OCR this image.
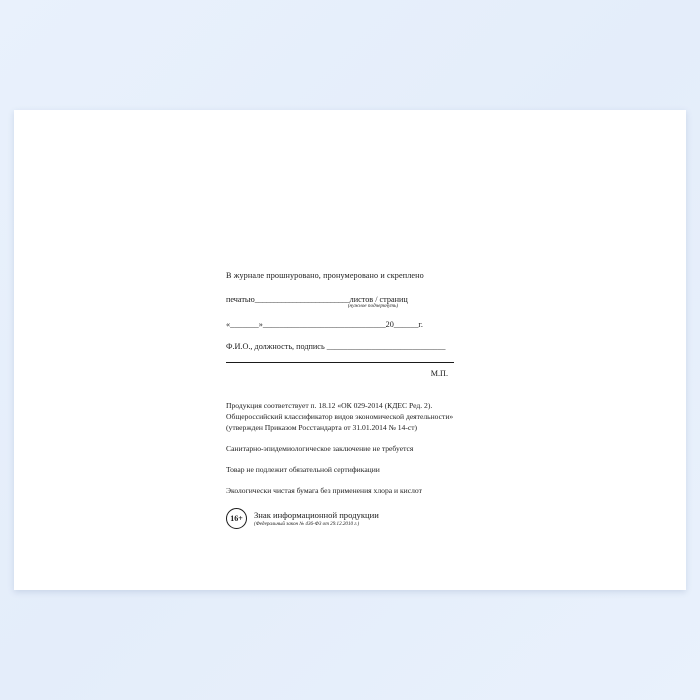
В журнале прошнуровано, пронумеровано и скреплено
печатью_________________________листов / страниц
(нужное подчеркнуть)
«_______»______________________________20______г.
Ф.И.О., должность, подпись _____________________________
М.П.
Продукция соответствует п. 18.12 «ОК 029-2014 (КДЕС Ред. 2).
Общероссийский классификатор видов экономической деятельности»
(утвержден Приказом Росстандарта от 31.01.2014 № 14-ст)
Санитарно-эпидемиологическое заключение не требуется
Товар не подлежит обязательной сертификации
Экологически чистая бумага без применения хлора и кислот
16+	Знак информационной продукции
(Федеральный закон № 436-Ф3 от 29.12.2010 г.)
